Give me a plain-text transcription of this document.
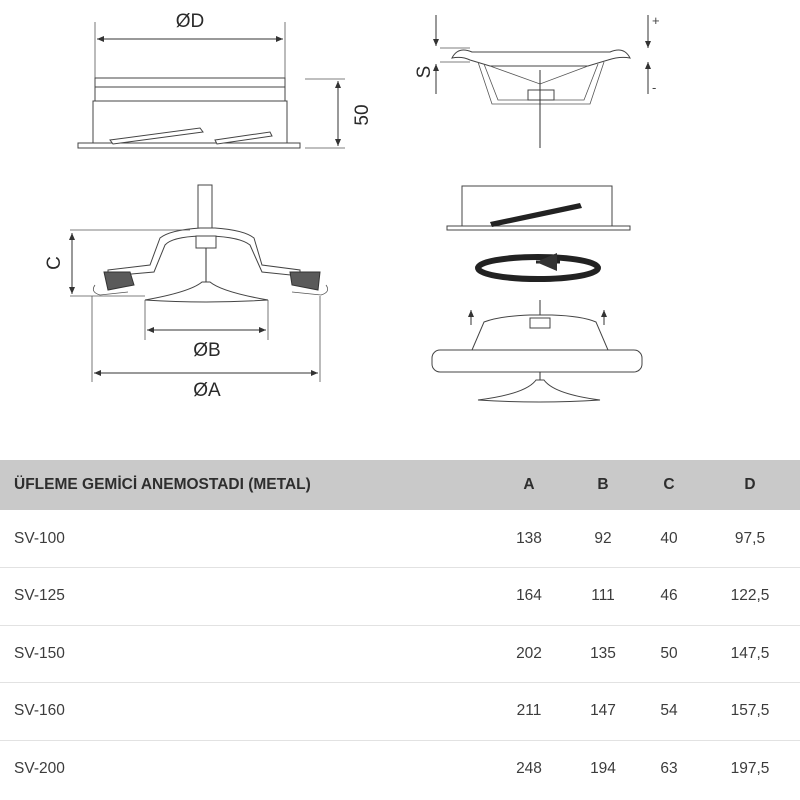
ØD
50
S
+
-
C
ØB
ØA
ÜFLEME GEMİCİ ANEMOSTADI (METAL)	A	B	C	D
SV-100	138	92	40	97,5
SV-125	164	111	46	122,5
SV-150	202	135	50	147,5
SV-160	211	147	54	157,5
SV-200	248	194	63	197,5
